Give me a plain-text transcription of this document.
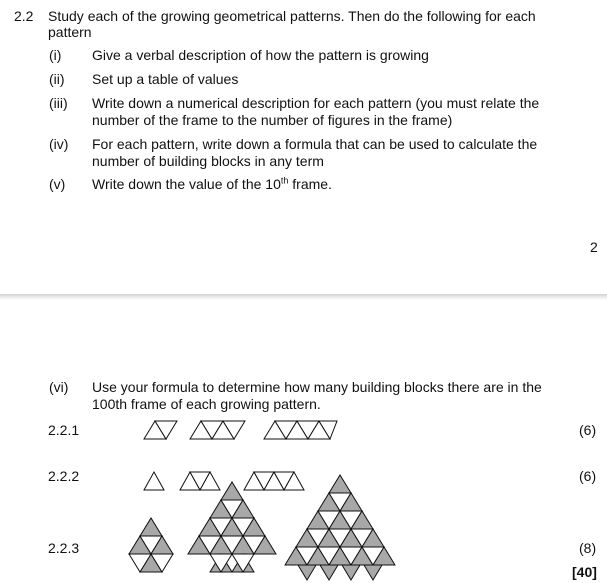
2.2 Study each of the growing geometrical patterns. Then do the following for each
pattern
(i) Give a verbal description of how the pattern is growing
(ii) Set up a table of values
(iii) Write down a numerical description for each pattern (you must relate the
number of the frame to the number of figures in the frame)
(iv) For each pattern, write down a formula that can be used to calculate the
number of building blocks in any term
(v) Write down the value of the 10th frame.
2
(vi) Use your formula to determine how many building blocks there are in the
100th frame of each growing pattern.
2.2.1	(6)
2.2.2	(6)
2.2.3	(8)
[40]
